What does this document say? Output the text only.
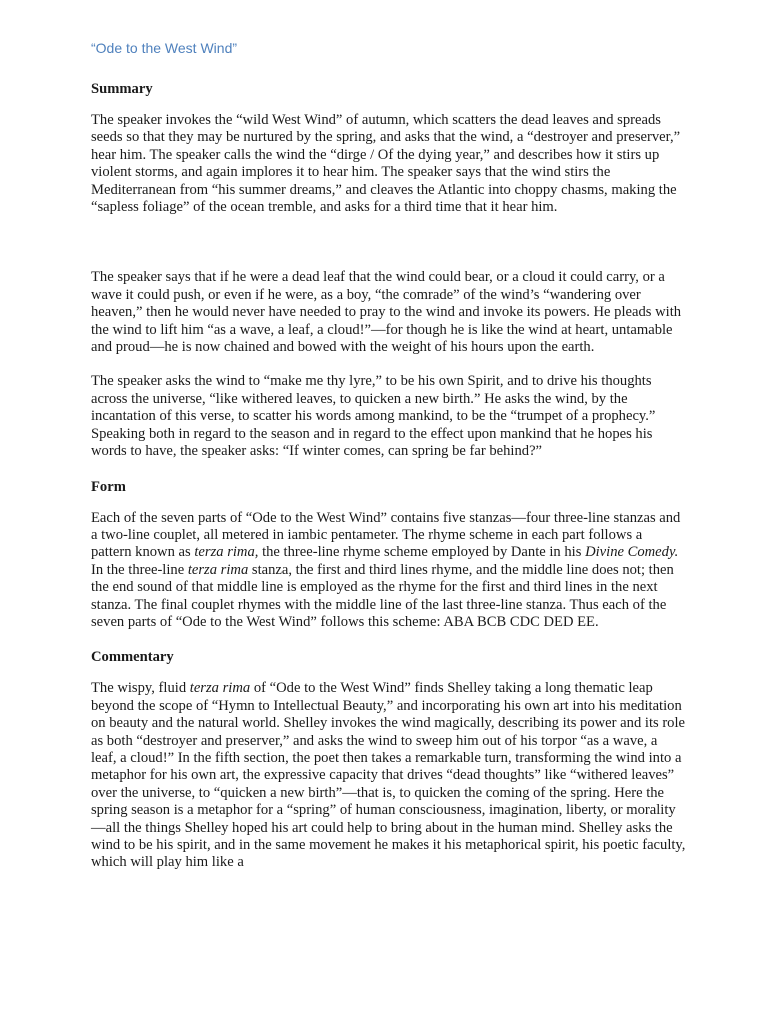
“Ode to the West Wind”
Summary

The speaker invokes the “wild West Wind” of autumn, which scatters the dead leaves and spreads seeds so that they may be nurtured by the spring, and asks that the wind, a “destroyer and preserver,” hear him. The speaker calls the wind the “dirge / Of the dying year,” and describes how it stirs up violent storms, and again implores it to hear him. The speaker says that the wind stirs the Mediterranean from “his summer dreams,” and cleaves the Atlantic into choppy chasms, making the “sapless foliage” of the ocean tremble, and asks for a third time that it hear him.

The speaker says that if he were a dead leaf that the wind could bear, or a cloud it could carry, or a wave it could push, or even if he were, as a boy, “the comrade” of the wind’s “wandering over heaven,” then he would never have needed to pray to the wind and invoke its powers. He pleads with the wind to lift him “as a wave, a leaf, a cloud!”—for though he is like the wind at heart, untamable and proud—he is now chained and bowed with the weight of his hours upon the earth.

The speaker asks the wind to “make me thy lyre,” to be his own Spirit, and to drive his thoughts across the universe, “like withered leaves, to quicken a new birth.” He asks the wind, by the incantation of this verse, to scatter his words among mankind, to be the “trumpet of a prophecy.” Speaking both in regard to the season and in regard to the effect upon mankind that he hopes his words to have, the speaker asks: “If winter comes, can spring be far behind?”

Form

Each of the seven parts of “Ode to the West Wind” contains five stanzas—four three-line stanzas and a two-line couplet, all metered in iambic pentameter. The rhyme scheme in each part follows a pattern known as terza rima, the three-line rhyme scheme employed by Dante in his Divine Comedy. In the three-line terza rima stanza, the first and third lines rhyme, and the middle line does not; then the end sound of that middle line is employed as the rhyme for the first and third lines in the next stanza. The final couplet rhymes with the middle line of the last three-line stanza. Thus each of the seven parts of “Ode to the West Wind” follows this scheme: ABA BCB CDC DED EE.

Commentary

The wispy, fluid terza rima of “Ode to the West Wind” finds Shelley taking a long thematic leap beyond the scope of “Hymn to Intellectual Beauty,” and incorporating his own art into his meditation on beauty and the natural world. Shelley invokes the wind magically, describing its power and its role as both “destroyer and preserver,” and asks the wind to sweep him out of his torpor “as a wave, a leaf, a cloud!” In the fifth section, the poet then takes a remarkable turn, transforming the wind into a metaphor for his own art, the expressive capacity that drives “dead thoughts” like “withered leaves” over the universe, to “quicken a new birth”—that is, to quicken the coming of the spring. Here the spring season is a metaphor for a “spring” of human consciousness, imagination, liberty, or morality—all the things Shelley hoped his art could help to bring about in the human mind. Shelley asks the wind to be his spirit, and in the same movement he makes it his metaphorical spirit, his poetic faculty, which will play him like a
